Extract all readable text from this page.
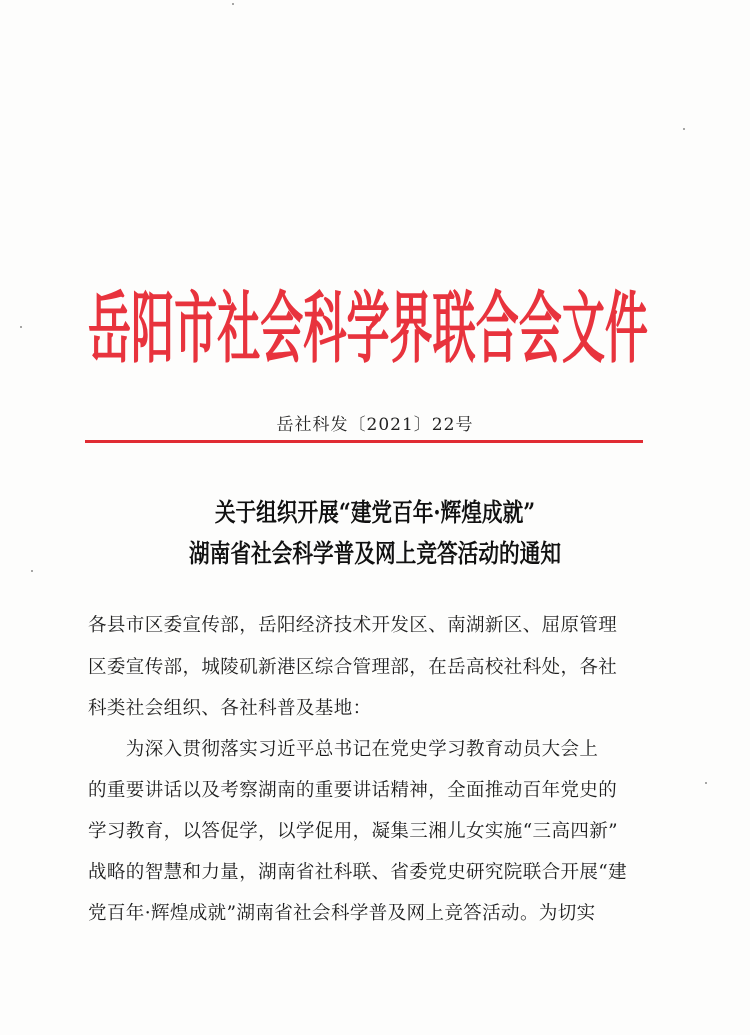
岳阳市社会科学界联合会文件
岳社科发〔2021〕22号
关于组织开展“建党百年·辉煌成就”
湖南省社会科学普及网上竞答活动的通知
各县市区委宣传部，岳阳经济技术开发区、南湖新区、屈原管理
区委宣传部，城陵矶新港区综合管理部，在岳高校社科处，各社
科类社会组织、各社科普及基地：
　　为深入贯彻落实习近平总书记在党史学习教育动员大会上
的重要讲话以及考察湖南的重要讲话精神，全面推动百年党史的
学习教育，以答促学，以学促用，凝集三湘儿女实施“三高四新”
战略的智慧和力量，湖南省社科联、省委党史研究院联合开展“建
党百年·辉煌成就”湖南省社会科学普及网上竞答活动。为切实
